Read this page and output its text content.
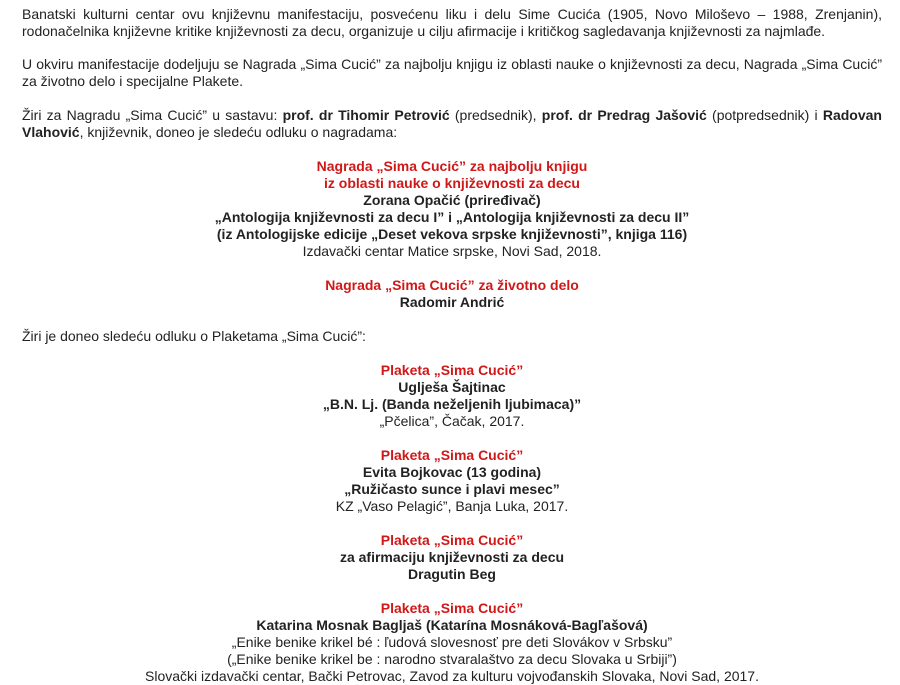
Banatski kulturni centar ovu književnu manifestaciju, posvećenu liku i delu Sime Cucića (1905, Novo Miloševo – 1988, Zrenjanin), rodonačelnika književne kritike književnosti za decu, organizuje u cilju afirmacije i kritičkog sagledavanja književnosti za najmlađe.

U okviru manifestacije dodeljuju se Nagrada „Sima Cucić” za najbolju knjigu iz oblasti nauke o književnosti za decu, Nagrada „Sima Cucić” za životno delo i specijalne Plakete.

Žiri za Nagradu „Sima Cucić” u sastavu: prof. dr Tihomir Petrović (predsednik), prof. dr Predrag Jašović (potpredsednik) i Radovan Vlahović, književnik, doneo je sledeću odluku o nagradama:

Nagrada „Sima Cucić” za najbolju knjigu
iz oblasti nauke o književnosti za decu
Zorana Opačić (priređivač)
„Antologija književnosti za decu I” i „Antologija književnosti za decu II”
(iz Antologijske edicije „Deset vekova srpske književnosti”, knjiga 116)
Izdavački centar Matice srpske, Novi Sad, 2018.
Nagrada „Sima Cucić” za životno delo
Radomir Andrić

Žiri je doneo sledeću odluku o Plaketama „Sima Cucić”:

Plaketa „Sima Cucić”
Uglješa Šajtinac
„B.N. Lj. (Banda neželjenih ljubimaca)”
„Pčelica”, Čačak, 2017.
Plaketa „Sima Cucić”
Evita Bojkovac (13 godina)
„Ružičasto sunce i plavi mesec”
KZ „Vaso Pelagić”, Banja Luka, 2017.
Plaketa „Sima Cucić”
za afirmaciju književnosti za decu
Dragutin Beg
Plaketa „Sima Cucić”
Katarina Mosnak Bagljaš (Katarína Mosnáková-Bagľašová)
„Enike benike krikel bé : ľudová slovesnosť pre deti Slovákov v Srbsku”
(„Enike benike krikel be : narodno stvaralaštvo za decu Slovaka u Srbiji”)
Slovački izdavački centar, Bački Petrovac, Zavod za kulturu vojvođanskih Slovaka, Novi Sad, 2017.
